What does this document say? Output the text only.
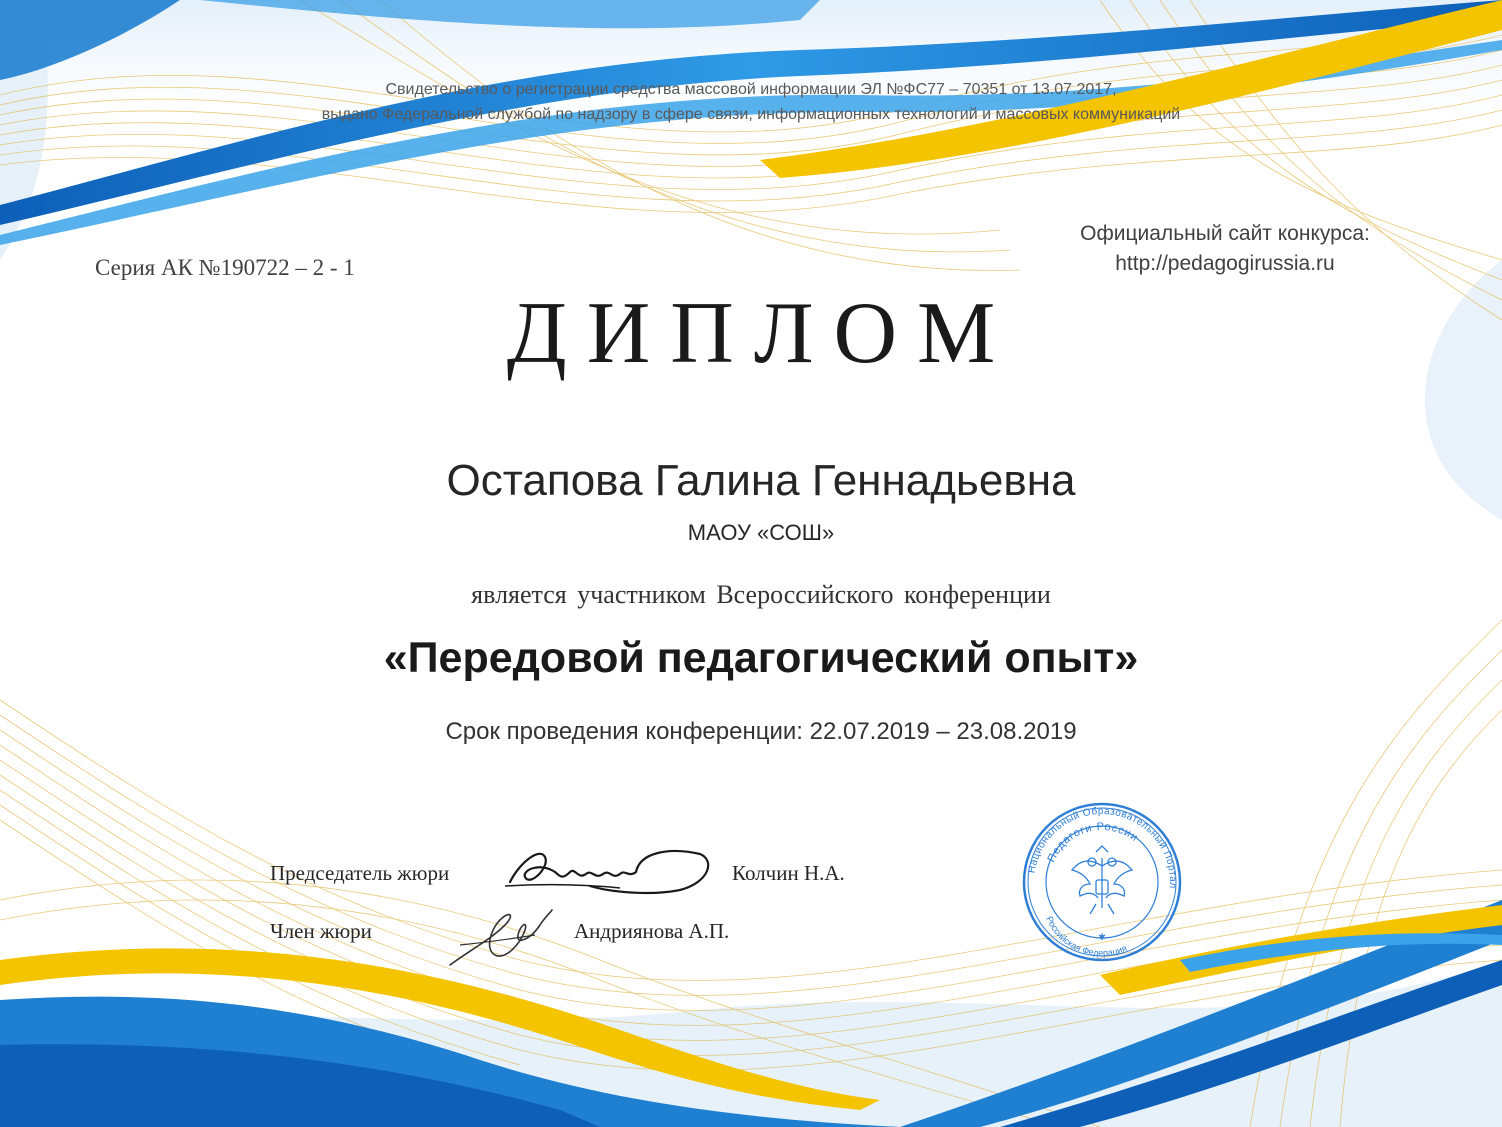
Свидетельство о регистрации средства массовой информации ЭЛ №ФС77 – 70351 от 13.07.2017,
выдано Федеральной службой по надзору в сфере связи, информационных технологий и массовых коммуникаций
Серия АК №190722 – 2 - 1
Официальный сайт конкурса:
http://pedagogirussia.ru
ДИПЛОМ
Остапова Галина Геннадьевна
МАОУ «СОШ»
является участником Всероссийского конференции
«Передовой педагогический опыт»
Срок проведения конференции: 22.07.2019 – 23.08.2019
Председатель жюри	Колчин Н.А.
Член жюри	Андриянова А.П.
Национальный Образовательный Портал
Педагоги России
Российская Федерация
✱
